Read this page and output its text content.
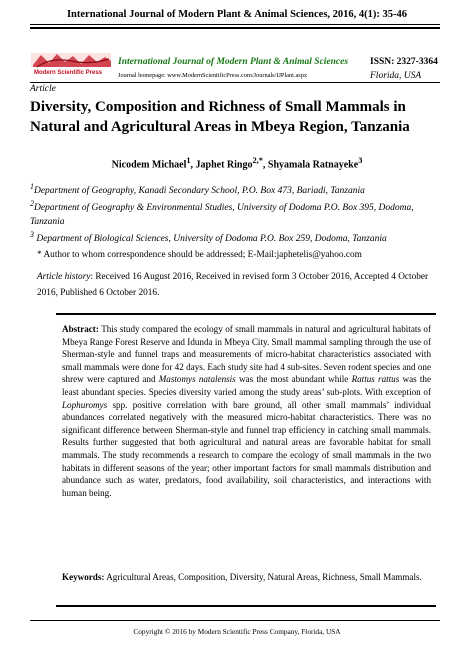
International Journal of Modern Plant & Animal Sciences, 2016, 4(1): 35-46
Modern Scientific Press
International Journal of Modern Plant & Animal Sciences ISSN: 2327-3364
Journal homepage: www.ModernScientificPress.com/Journals/IJPlant.aspx	Florida, USA
Article
Diversity, Composition and Richness of Small Mammals in Natural and Agricultural Areas in Mbeya Region, Tanzania
Nicodem Michael$^1$, Japhet Ringo$^{2,*}$, Shyamala Ratnayeke$^3$
$^1$Department of Geography, Kanadi Secondary School, P.O. Box 473, Bariadi, Tanzania
$^2$Department of Geography & Environmental Studies, University of Dodoma P.O. Box 395, Dodoma, Tanzania
$^3$ Department of Biological Sciences, University of Dodoma P.O. Box 259, Dodoma, Tanzania
* Author to whom correspondence should be addressed; E-Mail:japhetelis@yahoo.com
Article history: Received 16 August 2016, Received in revised form 3 October 2016, Accepted 4 October 2016, Published 6 October 2016.
Abstract: This study compared the ecology of small mammals in natural and agricultural habitats of Mbeya Range Forest Reserve and Idunda in Mbeya City. Small mammal sampling through the use of Sherman-style and funnel traps and measurements of micro-habitat characteristics associated with small mammals were done for 42 days. Each study site had 4 sub-sites. Seven rodent species and one shrew were captured and Mastomys natalensis was the most abundant while Rattus rattus was the least abundant species. Species diversity varied among the study areas’ sub-plots. With exception of Lophuromys spp. positive correlation with bare ground, all other small mammals’ individual abundances correlated negatively with the measured micro-habitat characteristics. There was no significant difference between Sherman-style and funnel trap efficiency in catching small mammals. Results further suggested that both agricultural and natural areas are favorable habitat for small mammals. The study recommends a research to compare the ecology of small mammals in the two habitats in different seasons of the year; other important factors for small mammals distribution and abundance such as water, predators, food availability, soil characteristics, and interactions with human being.
Keywords: Agricultural Areas, Composition, Diversity, Natural Areas, Richness, Small Mammals.
Copyright © 2016 by Modern Scientific Press Company, Florida, USA
